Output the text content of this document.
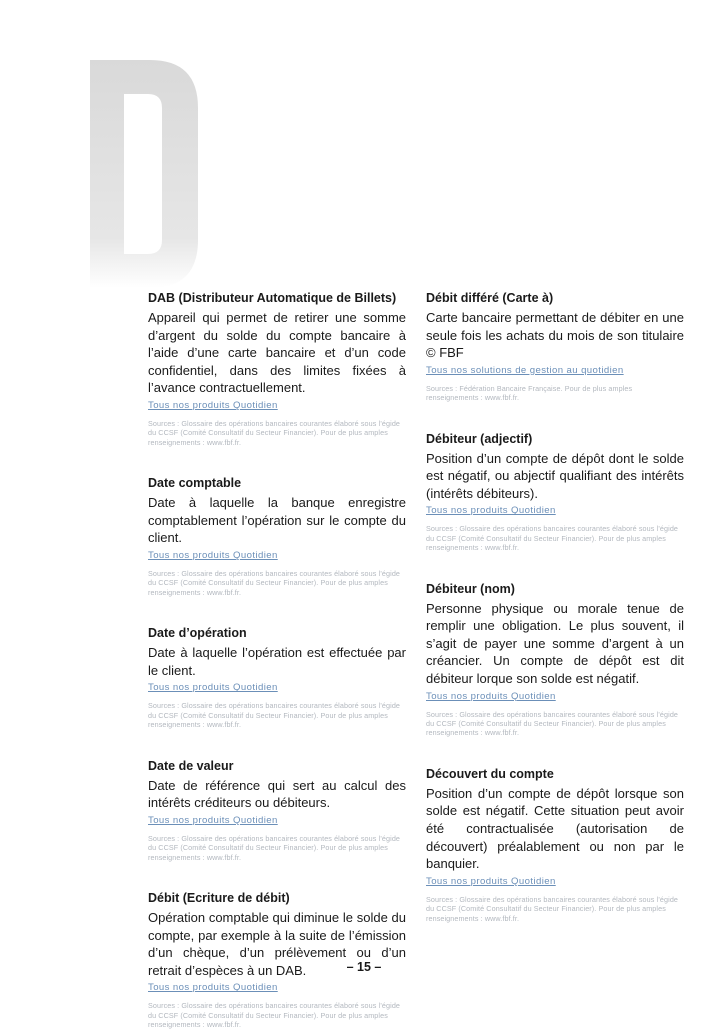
DAB (Distributeur Automatique de Billets)

Appareil qui permet de retirer une somme d’argent du solde du compte bancaire à l’aide d’une carte bancaire et d’un code confidentiel, dans des limites fixées à l’avance contractuellement.

Tous nos produits Quotidien
Sources : Glossaire des opérations bancaires courantes élaboré sous l’égide du CCSF (Comité Consultatif du Secteur Financier). Pour de plus amples renseignements : www.fbf.fr.
Date comptable

Date à laquelle la banque enregistre comptablement l’opération sur le compte du client.

Tous nos produits Quotidien
Sources : Glossaire des opérations bancaires courantes élaboré sous l’égide du CCSF (Comité Consultatif du Secteur Financier). Pour de plus amples renseignements : www.fbf.fr.
Date d’opération

Date à laquelle l’opération est effectuée par le client.

Tous nos produits Quotidien
Sources : Glossaire des opérations bancaires courantes élaboré sous l’égide du CCSF (Comité Consultatif du Secteur Financier). Pour de plus amples renseignements : www.fbf.fr.
Date de valeur

Date de référence qui sert au calcul des intérêts créditeurs ou débiteurs.

Tous nos produits Quotidien
Sources : Glossaire des opérations bancaires courantes élaboré sous l’égide du CCSF (Comité Consultatif du Secteur Financier). Pour de plus amples renseignements : www.fbf.fr.
Débit (Ecriture de débit)

Opération comptable qui diminue le solde du compte, par exemple à la suite de l’émission d’un chèque, d’un prélèvement ou d’un retrait d’espèces à un DAB.

Tous nos produits Quotidien
Sources : Glossaire des opérations bancaires courantes élaboré sous l’égide du CCSF (Comité Consultatif du Secteur Financier). Pour de plus amples renseignements : www.fbf.fr.
Débit différé (Carte à)

Carte bancaire permettant de débiter en une seule fois les achats du mois de son titulaire © FBF

Tous nos solutions de gestion au quotidien
Sources : Fédération Bancaire Française. Pour de plus amples renseignements : www.fbf.fr.
Débiteur (adjectif)

Position d’un compte de dépôt dont le solde est négatif, ou abjectif qualifiant des intérêts (intérêts débiteurs).

Tous nos produits Quotidien
Sources : Glossaire des opérations bancaires courantes élaboré sous l’égide du CCSF (Comité Consultatif du Secteur Financier). Pour de plus amples renseignements : www.fbf.fr.
Débiteur (nom)

Personne physique ou morale tenue de remplir une obligation. Le plus souvent, il s’agit de payer une somme d’argent à un créancier. Un compte de dépôt est dit débiteur lorque son solde est négatif.

Tous nos produits Quotidien
Sources : Glossaire des opérations bancaires courantes élaboré sous l’égide du CCSF (Comité Consultatif du Secteur Financier). Pour de plus amples renseignements : www.fbf.fr.
Découvert du compte

Position d’un compte de dépôt lorsque son solde est négatif. Cette situation peut avoir été contractualisée (autorisation de découvert) préalablement ou non par le banquier.

Tous nos produits Quotidien
Sources : Glossaire des opérations bancaires courantes élaboré sous l’égide du CCSF (Comité Consultatif du Secteur Financier). Pour de plus amples renseignements : www.fbf.fr.
– 15 –
